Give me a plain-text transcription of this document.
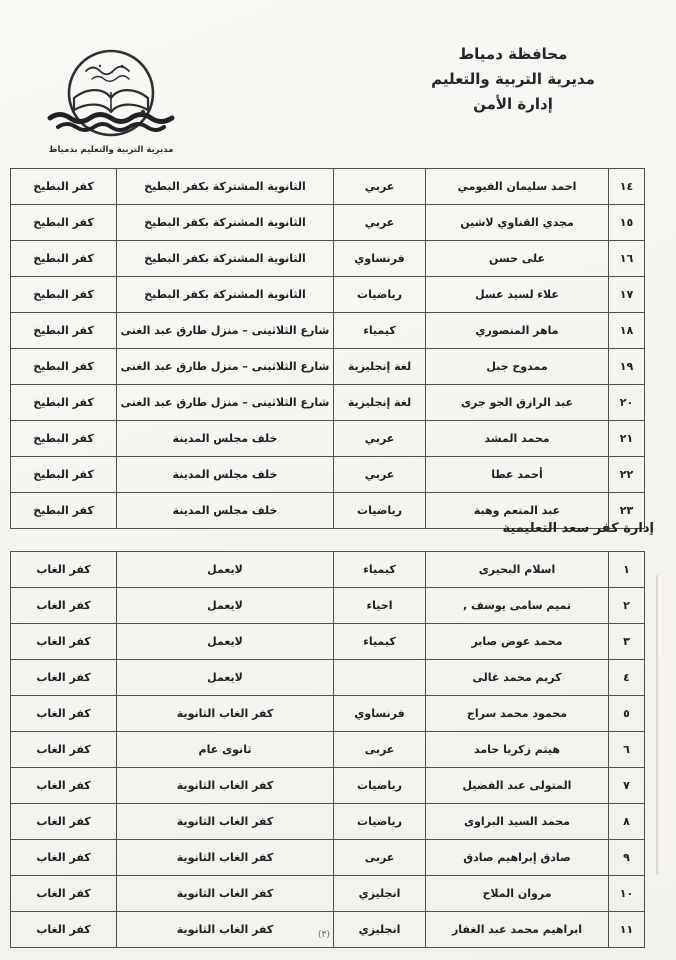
مديرية التربية والتعليم بدمياط
محافظة دمياط
مديرية التربية والتعليم
إدارة الأمن
١٤	احمد سليمان الفيومي	عربي	الثانوية المشتركة بكفر البطيخ	كفر البطيخ
١٥	مجدي القناوي لاشين	عربي	الثانوية المشتركة بكفر البطيخ	كفر البطيخ
١٦	على حسن	فرنساوي	الثانوية المشتركة بكفر البطيخ	كفر البطيخ
١٧	علاء لسيد عسل	رياضيات	الثانوية المشتركة بكفر البطيخ	كفر البطيخ
١٨	ماهر المنصوري	كيمياء	شارع الثلاثينى – منزل طارق عبد الغنى	كفر البطيخ
١٩	ممدوح جبل	لغة إنجليزية	شارع الثلاثينى – منزل طارق عبد الغنى	كفر البطيخ
٢٠	عبد الرازق الجو جرى	لغة إنجليزية	شارع الثلاثينى – منزل طارق عبد الغنى	كفر البطيخ
٢١	محمد المشد	عربي	خلف مجلس المدينة	كفر البطيخ
٢٢	أحمد عطا	عربي	خلف مجلس المدينة	كفر البطيخ
٢٣	عبد المنعم وهبة	رياضيات	خلف مجلس المدينة	كفر البطيخ
إدارة كفر سعد التعليمية
١	اسلام البحيرى	كيمياء	لايعمل	كفر الغاب
٢	تميم سامى يوسف ,	احياء	لايعمل	كفر الغاب
٣	محمد عوض صابر	كيمياء	لايعمل	كفر الغاب
٤	كريم محمد غالى		لايعمل	كفر الغاب
٥	محمود محمد سراج	فرنساوي	كفر الغاب الثانوية	كفر الغاب
٦	هيثم زكريا حامد	عربى	ثانوى عام	كفر الغاب
٧	المتولى عبد الفضيل	رياضيات	كفر الغاب الثانوية	كفر الغاب
٨	محمد السيد البراوى	رياضيات	كفر الغاب الثانوية	كفر الغاب
٩	صادق إبراهيم صادق	عربى	كفر الغاب الثانوية	كفر الغاب
١٠	مروان الملاح	انجليزي	كفر الغاب الثانوية	كفر الغاب
١١	ابراهيم محمد عبد الغفار	انجليزي	كفر الغاب الثانوية	كفر الغاب	(٣)
